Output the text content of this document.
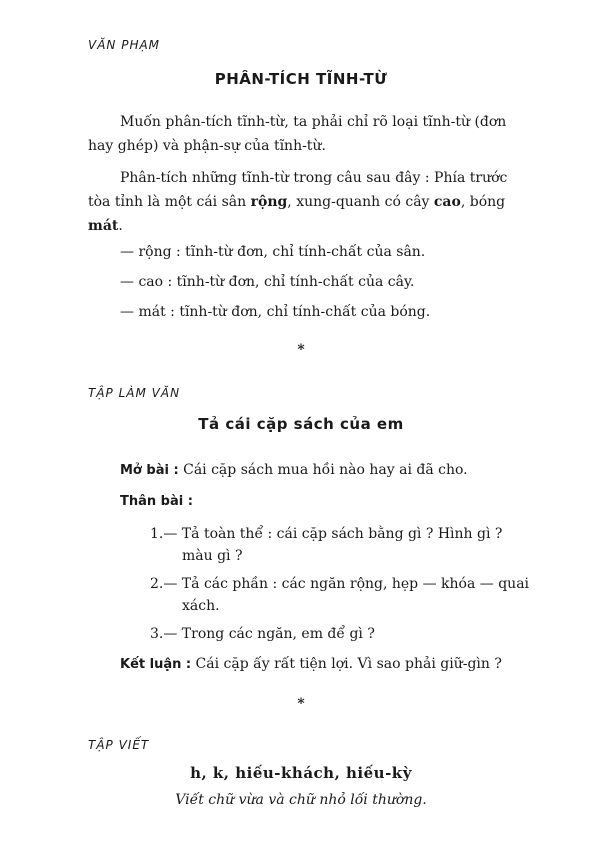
VĂN PHẠM
PHÂN-TÍCH TĨNH-TỪ
Muốn phân-tích tĩnh-từ, ta phải chỉ rõ loại tĩnh-từ (đơn hay ghép) và phận-sự của tĩnh-từ.
Phân-tích những tĩnh-từ trong câu sau đây : Phía trước tòa tỉnh là một cái sân rộng, xung-quanh có cây cao, bóng mát.
— rộng : tĩnh-từ đơn, chỉ tính-chất của sân.
— cao : tĩnh-từ đơn, chỉ tính-chất của cây.
— mát : tĩnh-từ đơn, chỉ tính-chất của bóng.
*
TẬP LÀM VĂN
Tả cái cặp sách của em
Mở bài : Cái cặp sách mua hồi nào hay ai đã cho.
Thân bài :
1.— Tả toàn thể : cái cặp sách bằng gì ? Hình gì ?
màu gì ?
2.— Tả các phần : các ngăn rộng, hẹp — khóa — quai
xách.
3.— Trong các ngăn, em để gì ?
Kết luận : Cái cặp ấy rất tiện lợi. Vì sao phải giữ-gìn ?
*
TẬP VIẾT
h, k, hiếu-khách, hiếu-kỳ
Viết chữ vừa và chữ nhỏ lối thường.
